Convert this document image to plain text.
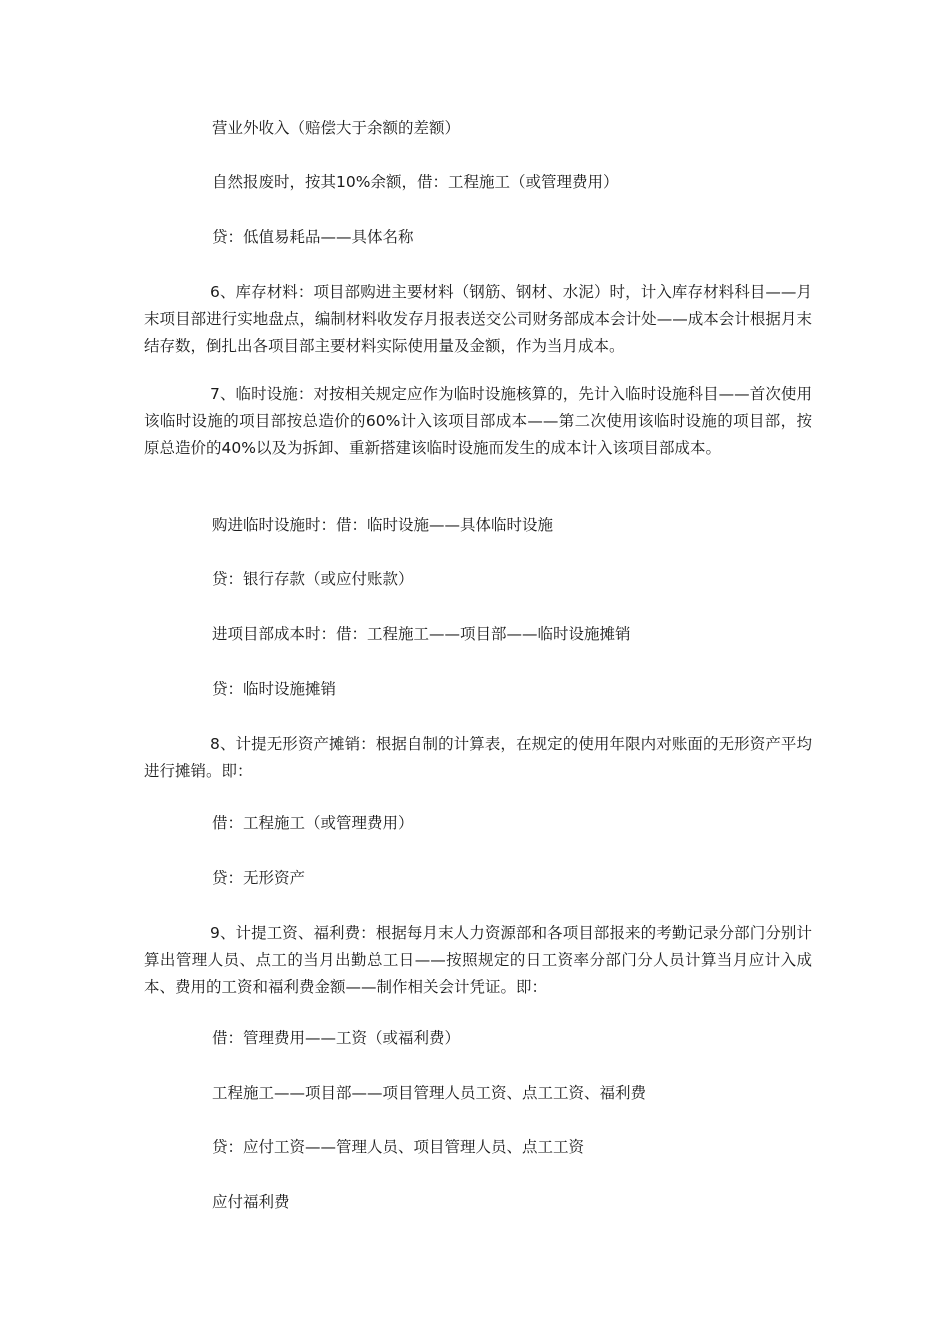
营业外收入（赔偿大于余额的差额）

自然报废时，按其10%余额，借：工程施工（或管理费用）

贷：低值易耗品——具体名称

6、库存材料：项目部购进主要材料（钢筋、钢材、水泥）时，计入库存材料科目——月末项目部进行实地盘点，编制材料收发存月报表送交公司财务部成本会计处——成本会计根据月末结存数，倒扎出各项目部主要材料实际使用量及金额，作为当月成本。

7、临时设施：对按相关规定应作为临时设施核算的，先计入临时设施科目——首次使用该临时设施的项目部按总造价的60%计入该项目部成本——第二次使用该临时设施的项目部，按原总造价的40%以及为拆卸、重新搭建该临时设施而发生的成本计入该项目部成本。

购进临时设施时：借：临时设施——具体临时设施

贷：银行存款（或应付账款）

进项目部成本时：借：工程施工——项目部——临时设施摊销

贷：临时设施摊销

8、计提无形资产摊销：根据自制的计算表，在规定的使用年限内对账面的无形资产平均进行摊销。即：

借：工程施工（或管理费用）

贷：无形资产

9、计提工资、福利费：根据每月末人力资源部和各项目部报来的考勤记录分部门分别计算出管理人员、点工的当月出勤总工日——按照规定的日工资率分部门分人员计算当月应计入成本、费用的工资和福利费金额——制作相关会计凭证。即：

借：管理费用——工资（或福利费）

工程施工——项目部——项目管理人员工资、点工工资、福利费

贷：应付工资——管理人员、项目管理人员、点工工资

应付福利费
